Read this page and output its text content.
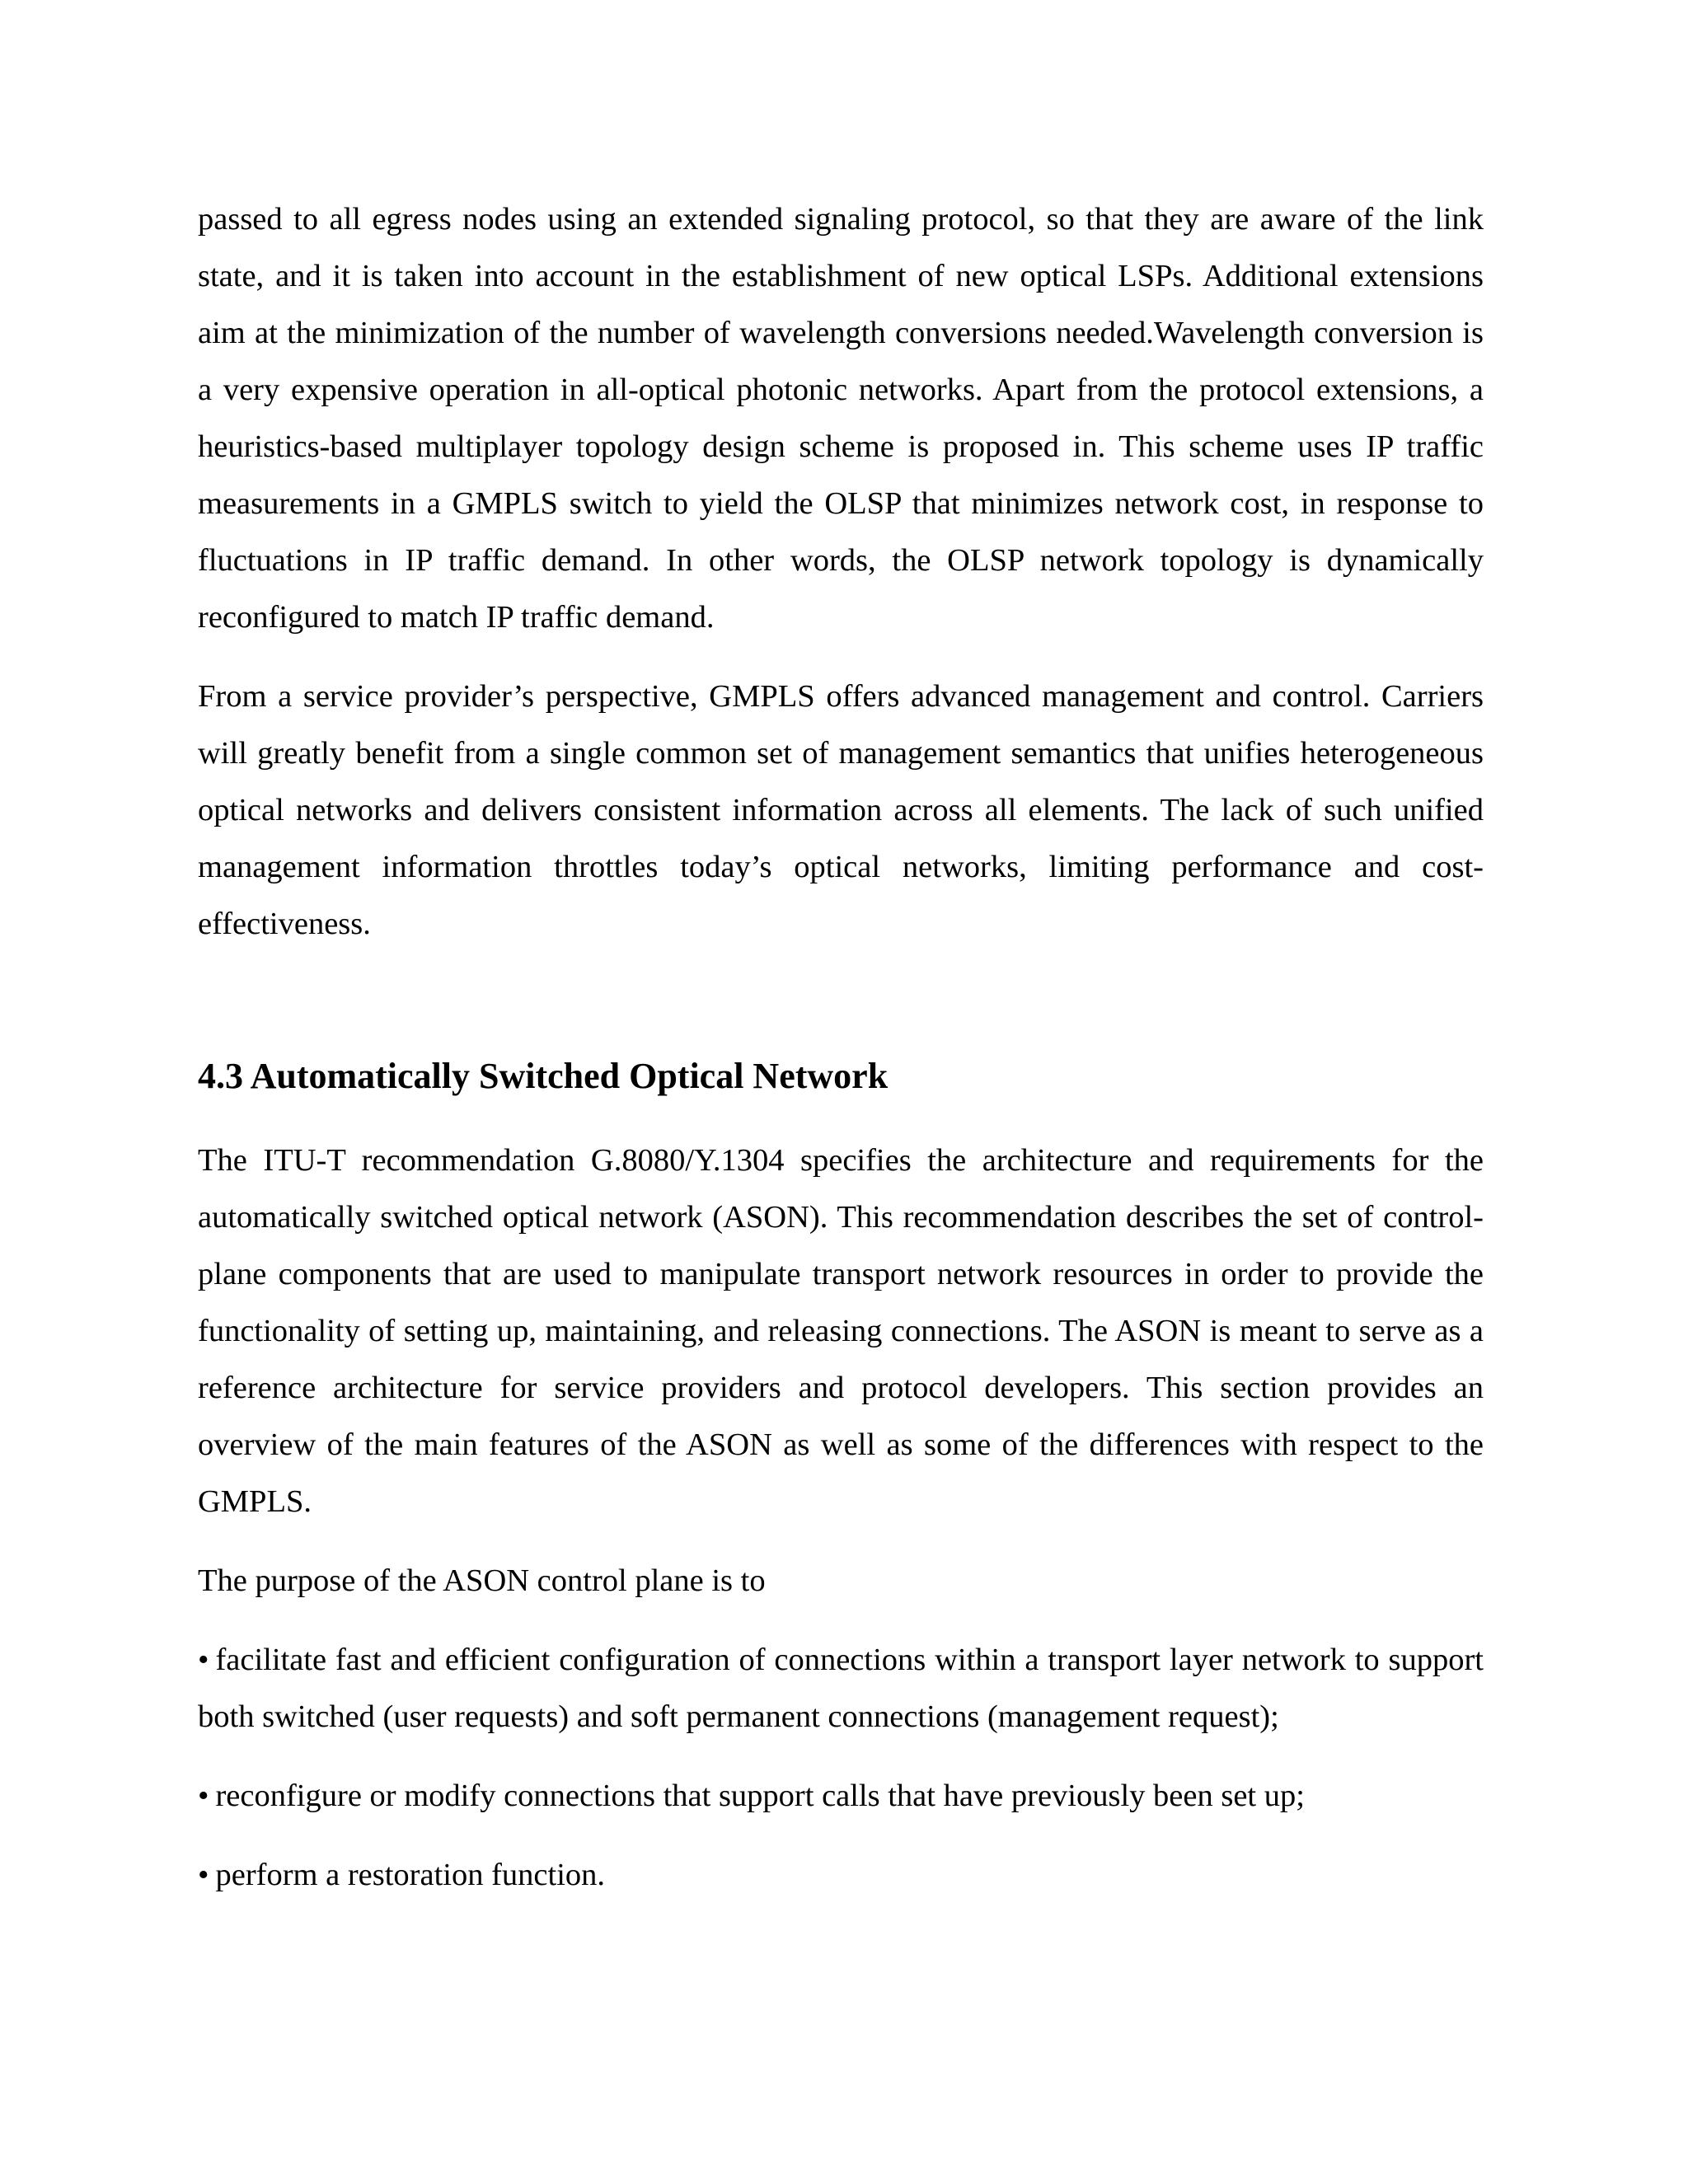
passed to all egress nodes using an extended signaling protocol, so that they are aware of the link state, and it is taken into account in the establishment of new optical LSPs. Additional extensions aim at the minimization of the number of wavelength conversions needed.Wavelength conversion is a very expensive operation in all-optical photonic networks. Apart from the protocol extensions, a heuristics-based multiplayer topology design scheme is proposed in. This scheme uses IP traffic measurements in a GMPLS switch to yield the OLSP that minimizes network cost, in response to fluctuations in IP traffic demand. In other words, the OLSP network topology is dynamically reconfigured to match IP traffic demand.

From a service provider’s perspective, GMPLS offers advanced management and control. Carriers will greatly benefit from a single common set of management semantics that unifies heterogeneous optical networks and delivers consistent information across all elements. The lack of such unified management information throttles today’s optical networks, limiting performance and cost-effectiveness.

4.3 Automatically Switched Optical Network

The ITU-T recommendation G.8080/Y.1304 specifies the architecture and requirements for the automatically switched optical network (ASON). This recommendation describes the set of control-plane components that are used to manipulate transport network resources in order to provide the functionality of setting up, maintaining, and releasing connections. The ASON is meant to serve as a reference architecture for service providers and protocol developers. This section provides an overview of the main features of the ASON as well as some of the differences with respect to the GMPLS.

The purpose of the ASON control plane is to

• facilitate fast and efficient configuration of connections within a transport layer network to support both switched (user requests) and soft permanent connections (management request);

• reconfigure or modify connections that support calls that have previously been set up;

• perform a restoration function.
